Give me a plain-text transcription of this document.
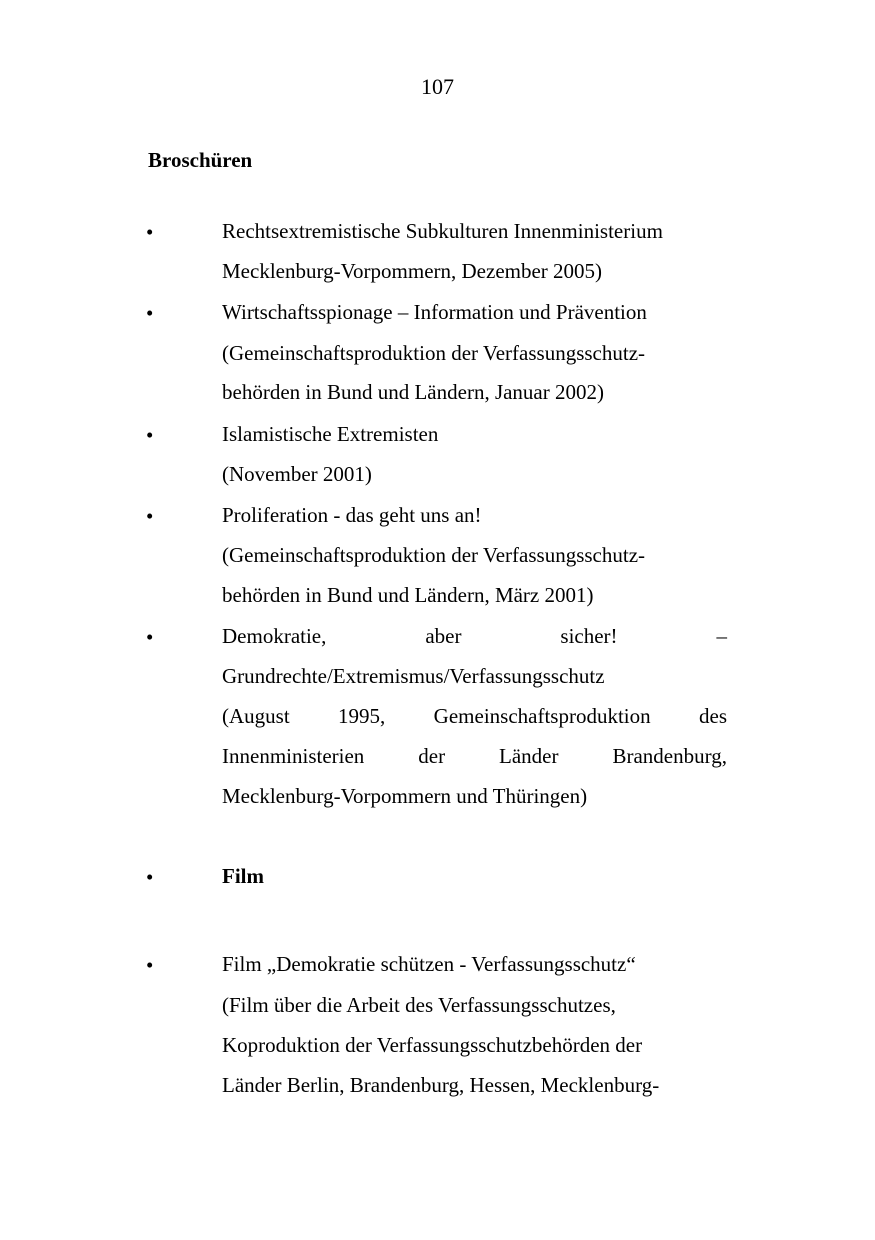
107
Broschüren
•	Rechtsextremistische Subkulturen Innenministerium
Mecklenburg-Vorpommern, Dezember 2005)
•	Wirtschaftsspionage – Information und Prävention
(Gemeinschaftsproduktion der Verfassungsschutz-
behörden in Bund und Ländern, Januar 2002)
•	Islamistische Extremisten
(November 2001)
•	Proliferation - das geht uns an!
(Gemeinschaftsproduktion der Verfassungsschutz-
behörden in Bund und Ländern, März 2001)
•	Demokratie,	aber	sicher!	–
Grundrechte/Extremismus/Verfassungsschutz
(August 1995, Gemeinschaftsproduktion des
Innenministerien	der	Länder	Brandenburg,
Mecklenburg-Vorpommern und Thüringen)
•	Film
•	Film „Demokratie schützen - Verfassungsschutz“
(Film über die Arbeit des Verfassungsschutzes,
Koproduktion der Verfassungsschutzbehörden der
Länder Berlin, Brandenburg, Hessen, Mecklenburg-
